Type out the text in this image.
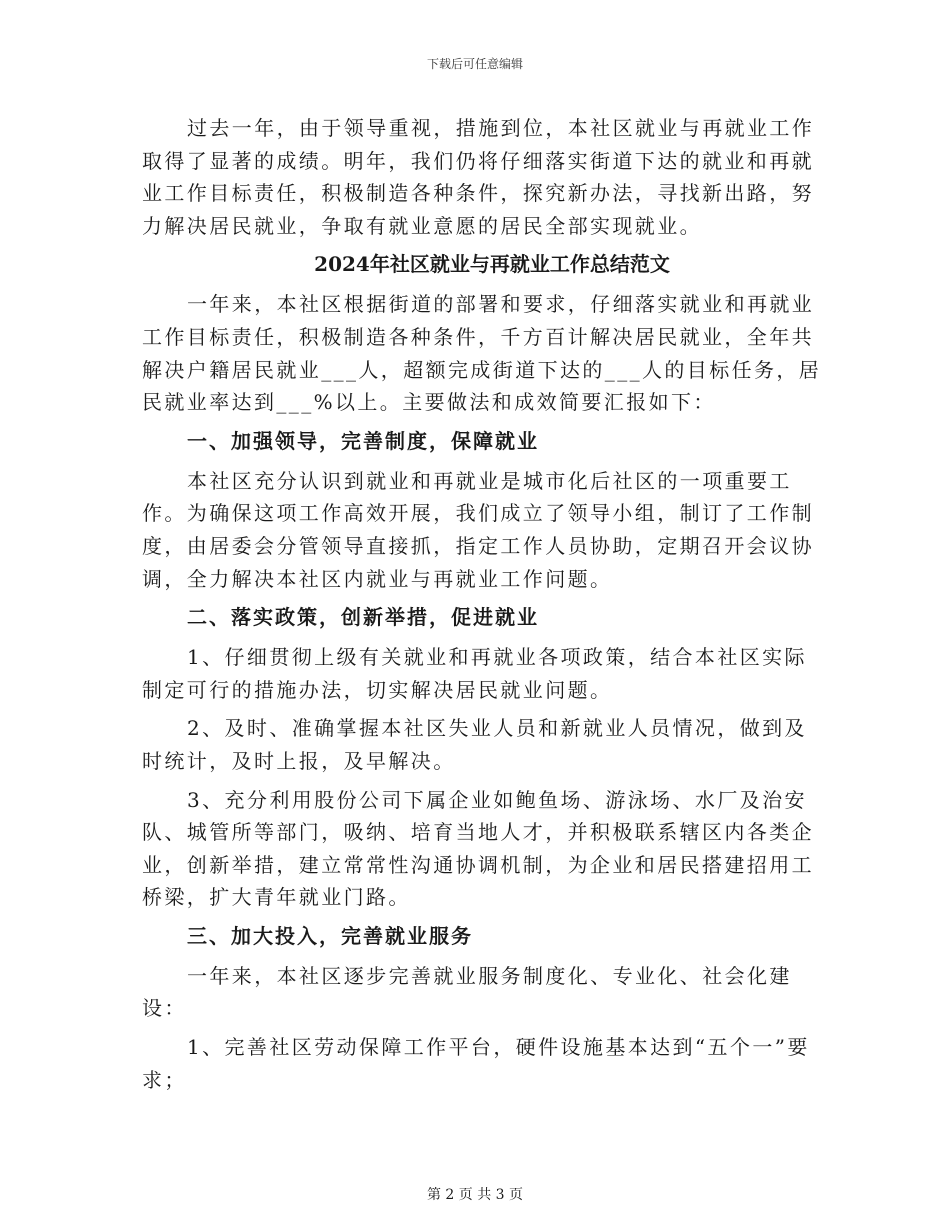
下载后可任意编辑

过去一年，由于领导重视，措施到位，本社区就业与再就业工作取得了显著的成绩。明年，我们仍将仔细落实街道下达的就业和再就业工作目标责任，积极制造各种条件，探究新办法，寻找新出路，努力解决居民就业，争取有就业意愿的居民全部实现就业。

2024年社区就业与再就业工作总结范文

一年来，本社区根据街道的部署和要求，仔细落实就业和再就业工作目标责任，积极制造各种条件，千方百计解决居民就业，全年共解决户籍居民就业___人，超额完成街道下达的___人的目标任务，居民就业率达到___%以上。主要做法和成效简要汇报如下：

一、加强领导，完善制度，保障就业

本社区充分认识到就业和再就业是城市化后社区的一项重要工作。为确保这项工作高效开展，我们成立了领导小组，制订了工作制度，由居委会分管领导直接抓，指定工作人员协助，定期召开会议协调，全力解决本社区内就业与再就业工作问题。

二、落实政策，创新举措，促进就业

1、仔细贯彻上级有关就业和再就业各项政策，结合本社区实际制定可行的措施办法，切实解决居民就业问题。

2、及时、准确掌握本社区失业人员和新就业人员情况，做到及时统计，及时上报，及早解决。

3、充分利用股份公司下属企业如鲍鱼场、游泳场、水厂及治安队、城管所等部门，吸纳、培育当地人才，并积极联系辖区内各类企业，创新举措，建立常常性沟通协调机制，为企业和居民搭建招用工桥梁，扩大青年就业门路。

三、加大投入，完善就业服务

一年来，本社区逐步完善就业服务制度化、专业化、社会化建设：

1、完善社区劳动保障工作平台，硬件设施基本达到“五个一”要求；

第 2 页 共 3 页
